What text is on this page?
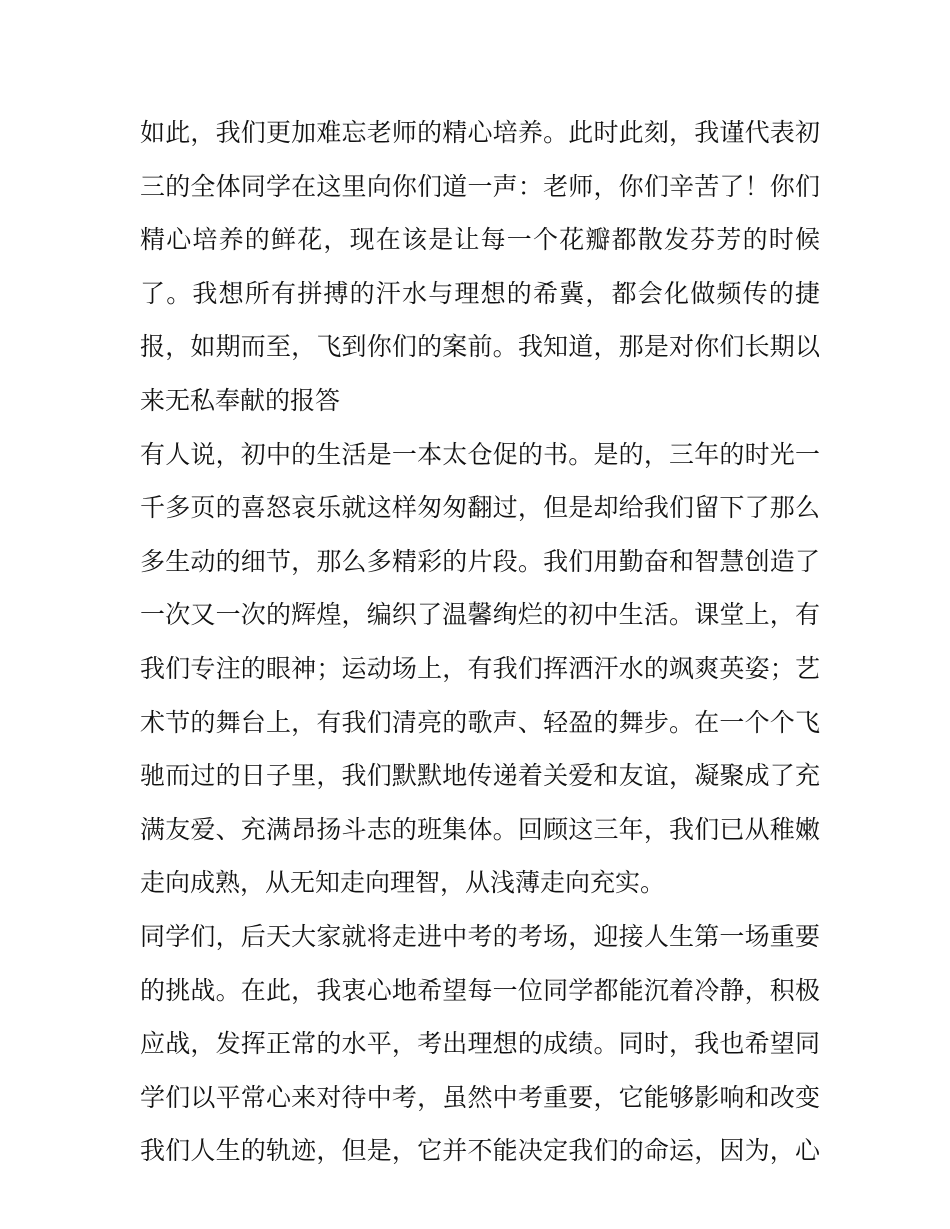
如此，我们更加难忘老师的精心培养。此时此刻，我谨代表初
三的全体同学在这里向你们道一声：老师，你们辛苦了！你们
精心培养的鲜花，现在该是让每一个花瓣都散发芬芳的时候
了。我想所有拼搏的汗水与理想的希冀，都会化做频传的捷
报，如期而至，飞到你们的案前。我知道，那是对你们长期以
来无私奉献的报答
有人说，初中的生活是一本太仓促的书。是的，三年的时光一
千多页的喜怒哀乐就这样匆匆翻过，但是却给我们留下了那么
多生动的细节，那么多精彩的片段。我们用勤奋和智慧创造了
一次又一次的辉煌，编织了温馨绚烂的初中生活。课堂上，有
我们专注的眼神；运动场上，有我们挥洒汗水的飒爽英姿；艺
术节的舞台上，有我们清亮的歌声、轻盈的舞步。在一个个飞
驰而过的日子里，我们默默地传递着关爱和友谊，凝聚成了充
满友爱、充满昂扬斗志的班集体。回顾这三年，我们已从稚嫩
走向成熟，从无知走向理智，从浅薄走向充实。
同学们，后天大家就将走进中考的考场，迎接人生第一场重要
的挑战。在此，我衷心地希望每一位同学都能沉着冷静，积极
应战，发挥正常的水平，考出理想的成绩。同时，我也希望同
学们以平常心来对待中考，虽然中考重要，它能够影响和改变
我们人生的轨迹，但是，它并不能决定我们的命运，因为，心
